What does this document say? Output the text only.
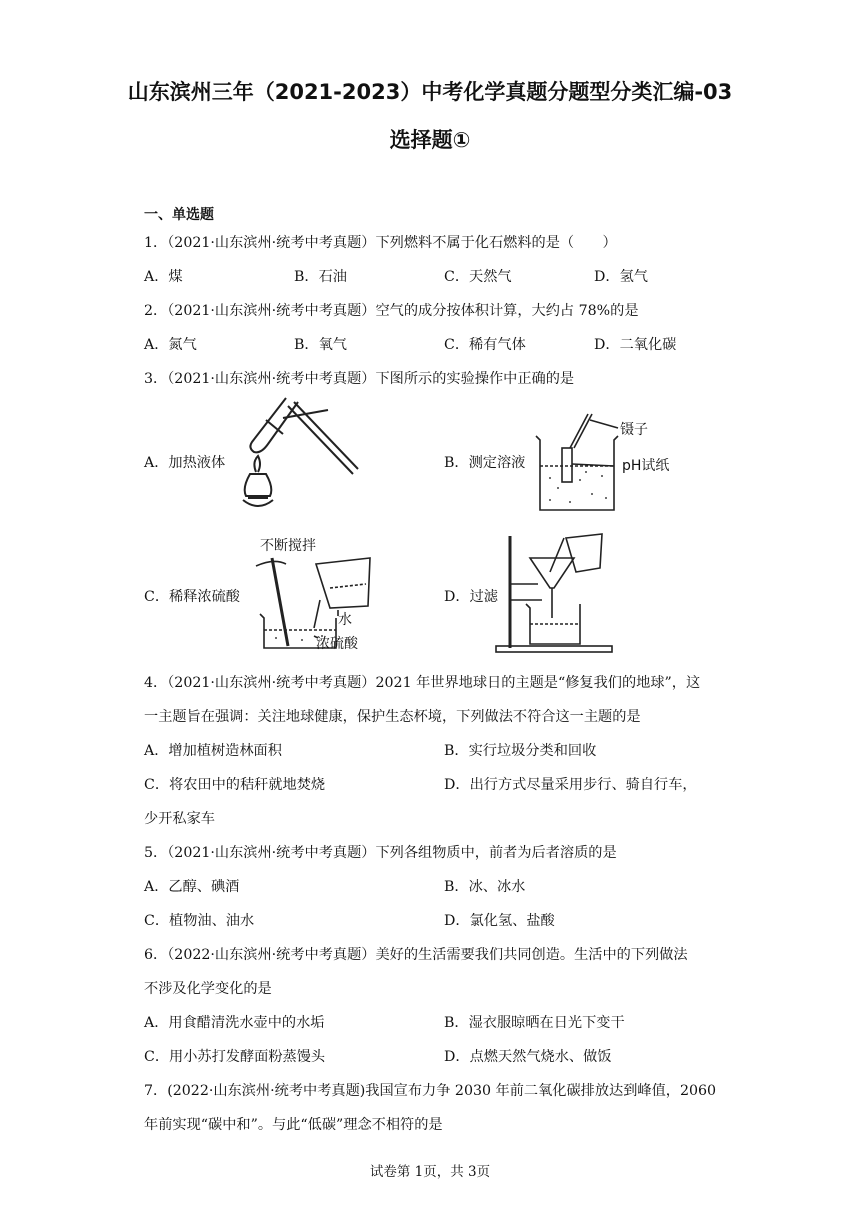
山东滨州三年（2021-2023）中考化学真题分题型分类汇编-03
选择题①
一、单选题
1．（2021·山东滨州·统考中考真题）下列燃料不属于化石燃料的是（　　）
A．煤	B．石油	C．天然气	D．氢气
2．（2021·山东滨州·统考中考真题）空气的成分按体积计算，大约占 78%的是
A．氮气	B．氧气	C．稀有气体	D．二氧化碳
3．（2021·山东滨州·统考中考真题）下图所示的实验操作中正确的是
A．加热液体	B．测定溶液
C．稀释浓硫酸	D．过滤
镊子
pH试纸
不断搅拌
水
浓硫酸
4．（2021·山东滨州·统考中考真题）2021 年世界地球日的主题是“修复我们的地球”，这
一主题旨在强调：关注地球健康，保护生态杯境，下列做法不符合这一主题的是
A．增加植树造林面积	B．实行垃圾分类和回收
C．将农田中的秸秆就地焚烧	D．出行方式尽量采用步行、骑自行车，
少开私家车
5．（2021·山东滨州·统考中考真题）下列各组物质中，前者为后者溶质的是
A．乙醇、碘酒	B．冰、冰水
C．植物油、油水	D．氯化氢、盐酸
6．（2022·山东滨州·统考中考真题）美好的生活需要我们共同创造。生活中的下列做法
不涉及化学变化的是
A．用食醋清洗水壶中的水垢	B．湿衣服晾晒在日光下变干
C．用小苏打发酵面粉蒸馒头	D．点燃天然气烧水、做饭
7．(2022·山东滨州·统考中考真题)我国宣布力争 2030 年前二氧化碳排放达到峰值，2060
年前实现“碳中和”。与此“低碳”理念不相符的是
试卷第 1页，共 3页
